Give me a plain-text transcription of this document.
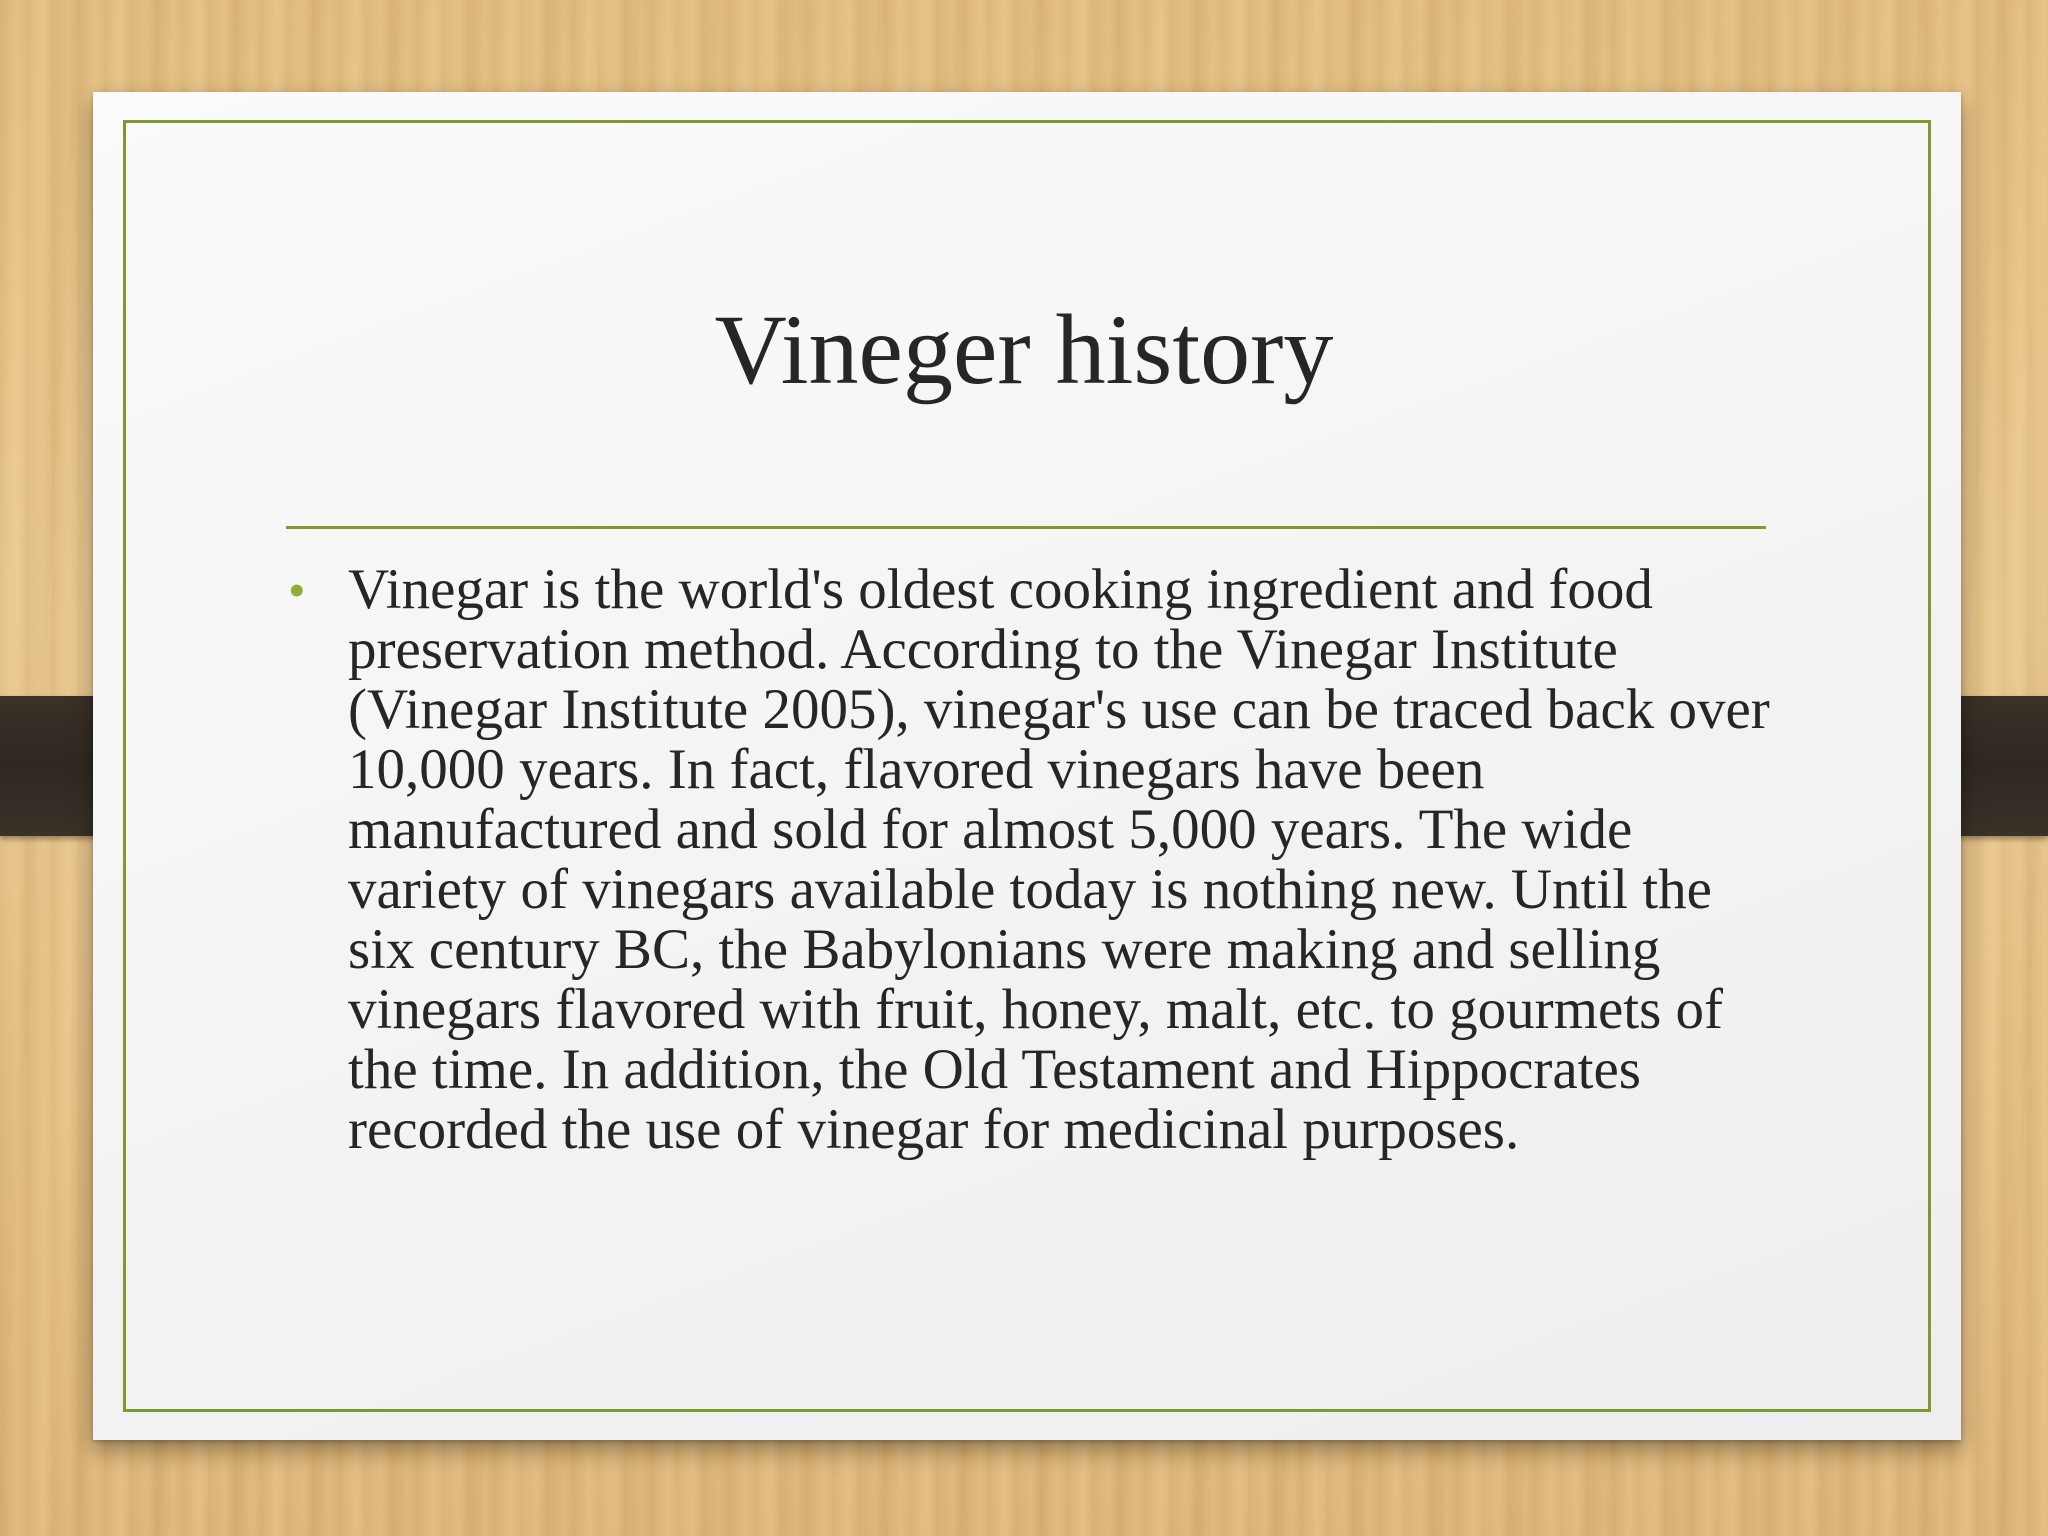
Vineger history
• Vinegar is the world's oldest cooking ingredient and food preservation method. According to the Vinegar Institute (Vinegar Institute 2005), vinegar's use can be traced back over 10,000 years. In fact, flavored vinegars have been manufactured and sold for almost 5,000 years. The wide variety of vinegars available today is nothing new. Until the six century BC, the Babylonians were making and selling vinegars flavored with fruit, honey, malt, etc. to gourmets of the time. In addition, the Old Testament and Hippocrates recorded the use of vinegar for medicinal purposes.
